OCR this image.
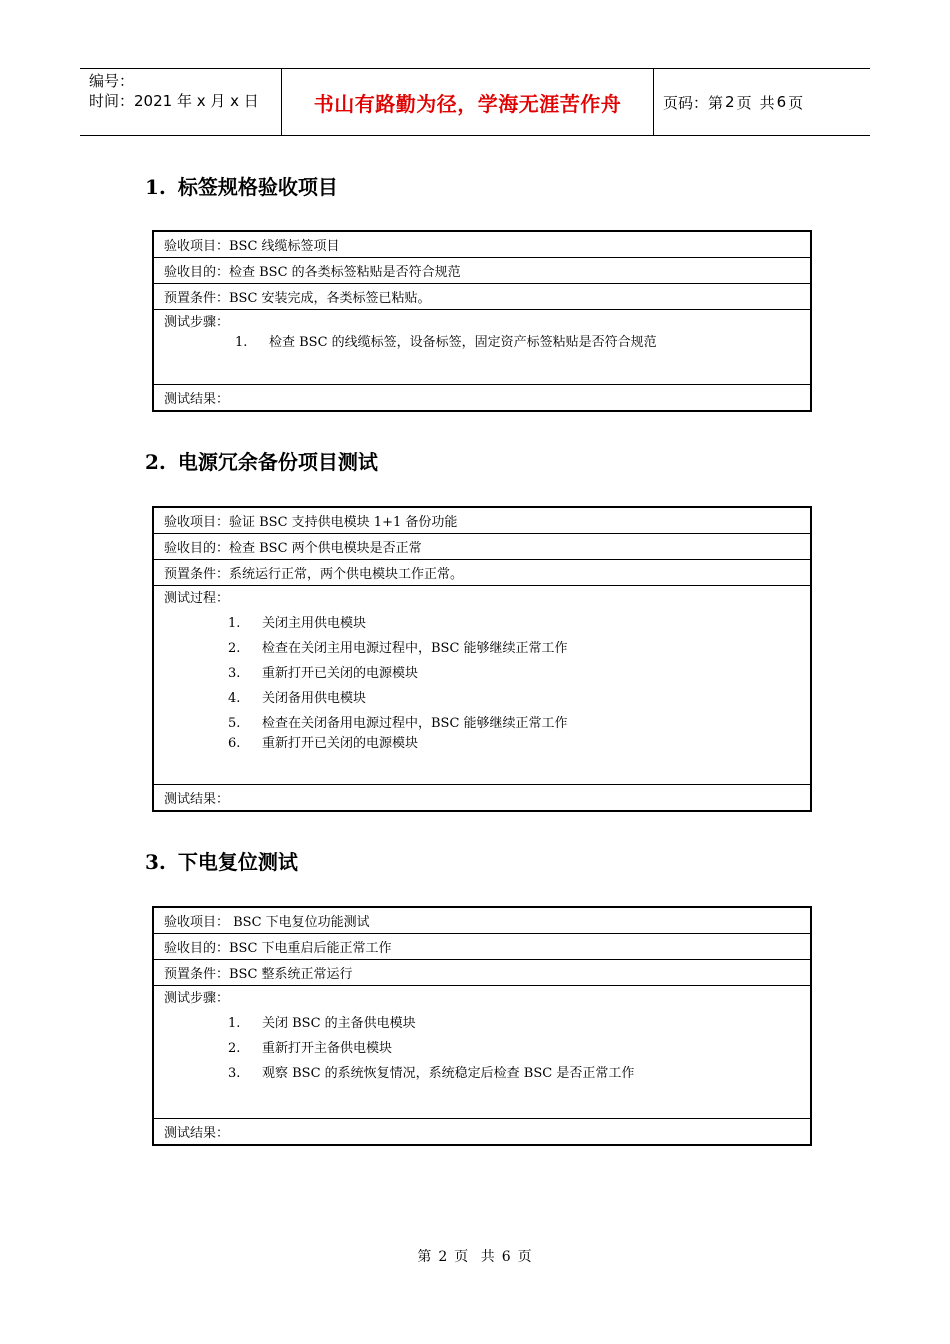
编号：
时间：2021 年 x 月 x 日	书山有路勤为径，学海无涯苦作舟	页码：第 2 页 共 6 页
1. 标签规格验收项目
验收项目：BSC 线缆标签项目
验收目的：检查 BSC 的各类标签粘贴是否符合规范
预置条件：BSC 安装完成，各类标签已粘贴。

测试步骤：
1. 检查 BSC 的线缆标签，设备标签，固定资产标签粘贴是否符合规范

测试结果：
2. 电源冗余备份项目测试
验收项目：验证 BSC 支持供电模块 1+1 备份功能
验收目的：检查 BSC 两个供电模块是否正常
预置条件：系统运行正常，两个供电模块工作正常。

测试过程：
1. 关闭主用供电模块
2. 检查在关闭主用电源过程中，BSC 能够继续正常工作
3. 重新打开已关闭的电源模块
4. 关闭备用供电模块
5. 检查在关闭备用电源过程中，BSC 能够继续正常工作
6. 重新打开已关闭的电源模块

测试结果：
3. 下电复位测试
验收项目： BSC 下电复位功能测试
验收目的：BSC 下电重启后能正常工作
预置条件：BSC 整系统正常运行

测试步骤：
1. 关闭 BSC 的主备供电模块
2. 重新打开主备供电模块
3. 观察 BSC 的系统恢复情况，系统稳定后检查 BSC 是否正常工作

测试结果：
第 2 页 共 6 页
